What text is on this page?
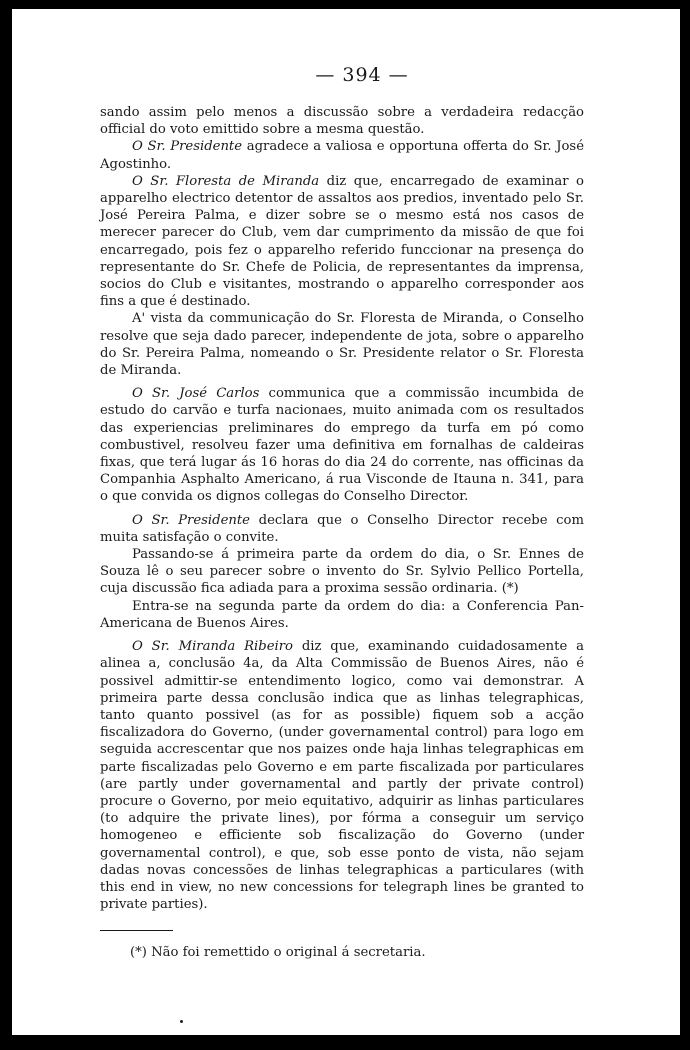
— 394 —

sando assim pelo menos a discussão sobre a verdadeira redacção official do voto emittido sobre a mesma questão.

O Sr. Presidente agradece a valiosa e opportuna offerta do Sr. José Agostinho.

O Sr. Floresta de Miranda diz que, encarregado de examinar o apparelho electrico detentor de assaltos aos predios, inventado pelo Sr. José Pereira Palma, e dizer sobre se o mesmo está nos casos de merecer parecer do Club, vem dar cumprimento da missão de que foi encarregado, pois fez o apparelho referido funccionar na presença do representante do Sr. Chefe de Policia, de representantes da imprensa, socios do Club e visitantes, mostrando o apparelho corresponder aos fins a que é destinado.

A' vista da communicação do Sr. Floresta de Miranda, o Conselho resolve que seja dado parecer, independente de jota, sobre o apparelho do Sr. Pereira Palma, nomeando o Sr. Presidente relator o Sr. Floresta de Miranda.

O Sr. José Carlos communica que a commissão incumbida de estudo do carvão e turfa nacionaes, muito animada com os resultados das experiencias preliminares do emprego da turfa em pó como combustivel, resolveu fazer uma definitiva em fornalhas de caldeiras fixas, que terá lugar ás 16 horas do dia 24 do corrente, nas officinas da Companhia Asphalto Americano, á rua Visconde de Itauna n. 341, para o que convida os dignos collegas do Conselho Director.

O Sr. Presidente declara que o Conselho Director recebe com muita satisfação o convite.

Passando-se á primeira parte da ordem do dia, o Sr. Ennes de Souza lê o seu parecer sobre o invento do Sr. Sylvio Pellico Portella, cuja discussão fica adiada para a proxima sessão ordinaria. (*)

Entra-se na segunda parte da ordem do dia: a Conferencia Pan-Americana de Buenos Aires.

O Sr. Miranda Ribeiro diz que, examinando cuidadosamente a alinea a, conclusão 4a, da Alta Commissão de Buenos Aires, não é possivel admittir-se entendimento logico, como vai demonstrar. A primeira parte dessa conclusão indica que as linhas telegraphicas, tanto quanto possivel (as for as possible) fiquem sob a acção fiscalizadora do Governo, (under governamental control) para logo em seguida accrescentar que nos paizes onde haja linhas telegraphicas em parte fiscalizadas pelo Governo e em parte fiscalizada por particulares (are partly under governamental and partly der private control) procure o Governo, por meio equitativo, adquirir as linhas particulares (to adquire the private lines), por fórma a conseguir um serviço homogeneo e efficiente sob fiscalização do Governo (under governamental control), e que, sob esse ponto de vista, não sejam dadas novas concessões de linhas telegraphicas a particulares (with this end in view, no new concessions for telegraph lines be granted to private parties).

(*) Não foi remettido o original á secretaria.
